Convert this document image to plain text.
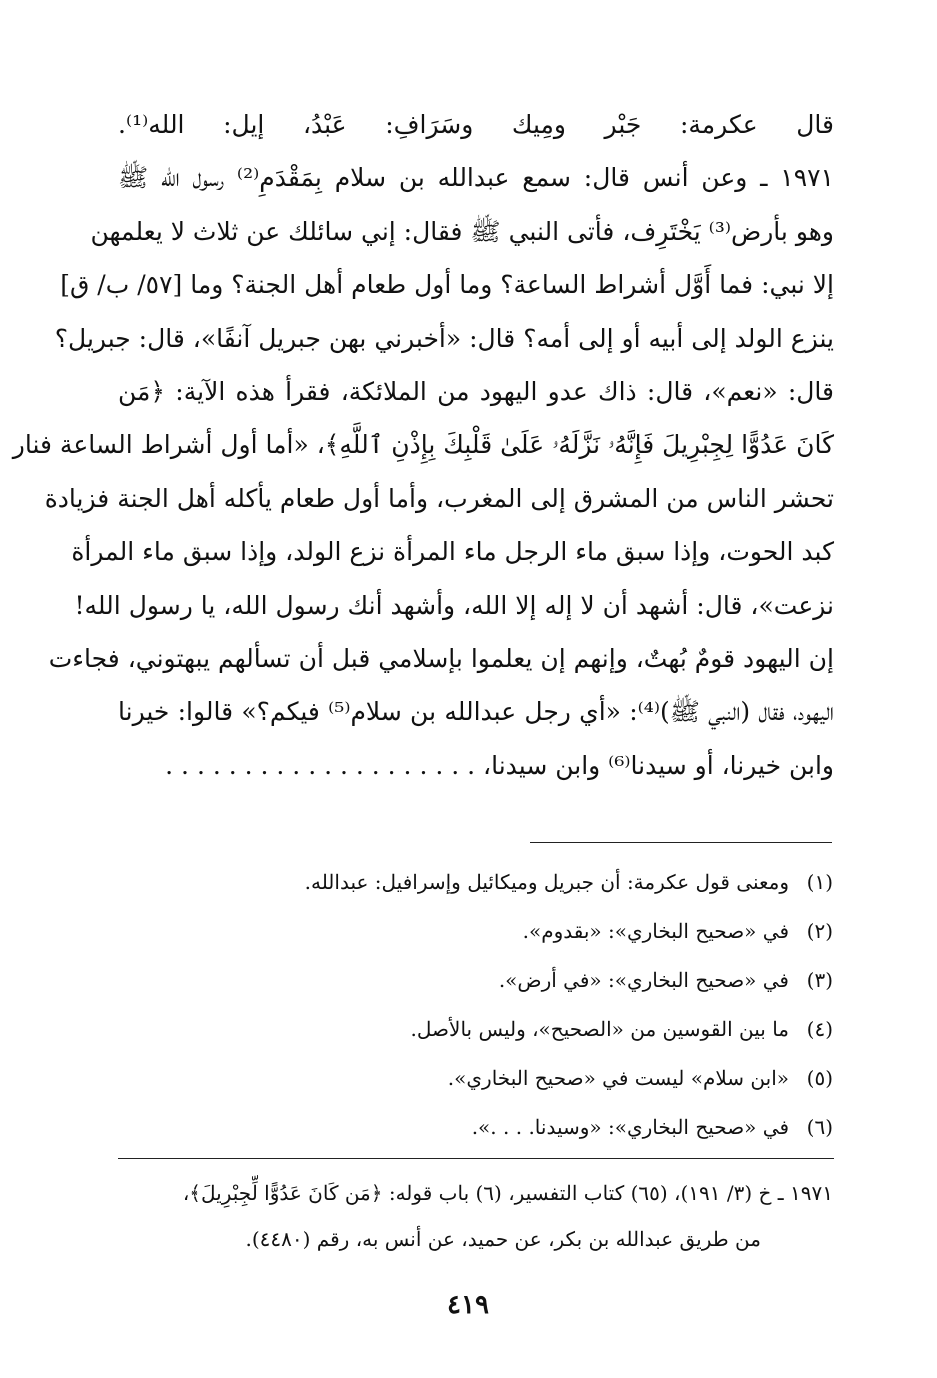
قال عكرمة: جَبْر ومِيك وسَرَافِ: عَبْدُ، إيل: الله⁽¹⁾.
١٩٧١ ـ وعن أنس قال: سمع عبدالله بن سلام بِمَقْدَمِ⁽²⁾ رسول الله ﷺ
وهو بأرض⁽³⁾ يَخْتَرِف، فأتى النبي ﷺ فقال: إني سائلك عن ثلاث لا يعلمهن
إلا نبي: فما أَوَّل أشراط الساعة؟ وما أول طعام أهل الجنة؟ وما [٥٧/ ب/ ق]
ينزع الولد إلى أبيه أو إلى أمه؟ قال: «أخبرني بهن جبريل آنفًا»، قال: جبريل؟
قال: «نعم»، قال: ذاك عدو اليهود من الملائكة، فقرأ هذه الآية: ﴿مَن
كَانَ عَدُوًّا لِجِبْرِيلَ فَإِنَّهُۥ نَزَّلَهُۥ عَلَىٰ قَلْبِكَ بِإِذْنِ ٱللَّهِ﴾، «أما أول أشراط الساعة فنار
تحشر الناس من المشرق إلى المغرب، وأما أول طعام يأكله أهل الجنة فزيادة
كبد الحوت، وإذا سبق ماء الرجل ماء المرأة نزع الولد، وإذا سبق ماء المرأة
نزعت»، قال: أشهد أن لا إله إلا الله، وأشهد أنك رسول الله، يا رسول الله!
إن اليهود قومٌ بُهتٌ، وإنهم إن يعلموا بإسلامي قبل أن تسألهم يبهتوني، فجاءت
اليهود، فقال (النبي ﷺ)⁽⁴⁾: «أي رجل عبدالله بن سلام⁽⁵⁾ فيكم؟» قالوا: خيرنا
وابن خيرنا، أو سيدنا⁽⁶⁾ وابن سيدنا، . . . . . . . . . . . . . . . . . . . .
(١)ومعنى قول عكرمة: أن جبريل وميكائيل وإسرافيل: عبدالله.
(٢)في «صحيح البخاري»: «بقدوم».
(٣)في «صحيح البخاري»: «في أرض».
(٤)ما بين القوسين من «الصحيح»، وليس بالأصل.
(٥)«ابن سلام» ليست في «صحيح البخاري».
(٦)في «صحيح البخاري»: «وسيدنا. . . .».
١٩٧١ ـ خ (٣/ ١٩١)، (٦٥) كتاب التفسير، (٦) باب قوله: ﴿مَن كَانَ عَدُوًّا لِّجِبْرِيلَ﴾،
من طريق عبدالله بن بكر، عن حميد، عن أنس به، رقم (٤٤٨٠).
٤١٩
